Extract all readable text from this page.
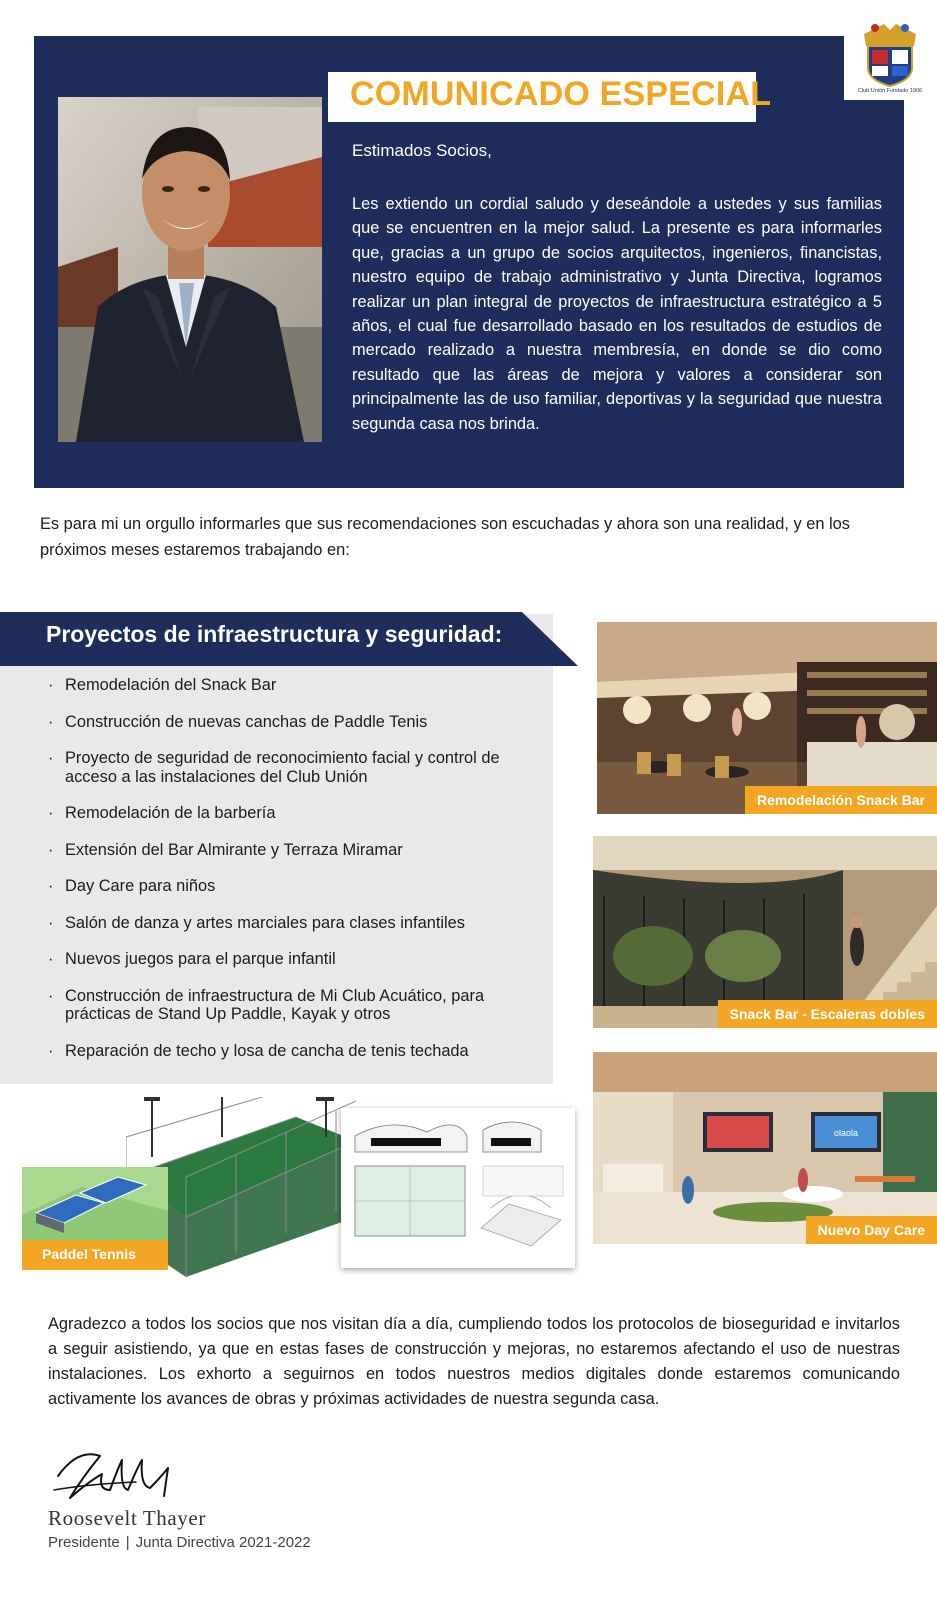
Club Unión Fundado 1906
COMUNICADO ESPECIAL
Estimados Socios,
Les extiendo un cordial saludo y deseándole a ustedes y sus familias que se encuentren en la mejor salud. La presente es para informarles que, gracias a un grupo de socios arquitectos, ingenieros, financistas, nuestro equipo de trabajo administrativo y Junta Directiva, logramos realizar un plan integral de proyectos de infraestructura estratégico a 5 años, el cual fue desarrollado basado en los resultados de estudios de mercado realizado a nuestra membresía, en donde se dio como resultado que las áreas de mejora y valores a considerar son principalmente las de uso familiar, deportivas y la seguridad que nuestra segunda casa nos brinda.
Es para mi un orgullo informarles que sus recomendaciones son escuchadas y ahora son una realidad, y en los próximos meses estaremos trabajando en:
Proyectos de infraestructura y seguridad:
· Remodelación del Snack Bar
· Construcción de nuevas canchas de Paddle Tenis
· Proyecto de seguridad de reconocimiento facial y control de acceso a las instalaciones del Club Unión
· Remodelación de la barbería
· Extensión del Bar Almirante y Terraza Miramar
· Day Care para niños
· Salón de danza y artes marciales para clases infantiles
· Nuevos juegos para el parque infantil
· Construcción de infraestructura de Mi Club Acuático, para prácticas de Stand Up Paddle, Kayak y otros
· Reparación de techo y losa de cancha de tenis techada
Remodelación Snack Bar
Snack Bar - Escaleras dobles
olaola
Nuevo Day Care
Paddel Tennis
Agradezco a todos los socios que nos visitan día a día, cumpliendo todos los protocolos de bioseguridad e invitarlos a seguir asistiendo, ya que en estas fases de construcción y mejoras, no estaremos afectando el uso de nuestras instalaciones. Los exhorto a seguirnos en todos nuestros medios digitales donde estaremos comunicando activamente los avances de obras y próximas actividades de nuestra segunda casa.
Roosevelt Thayer
Presidente | Junta Directiva 2021-2022
